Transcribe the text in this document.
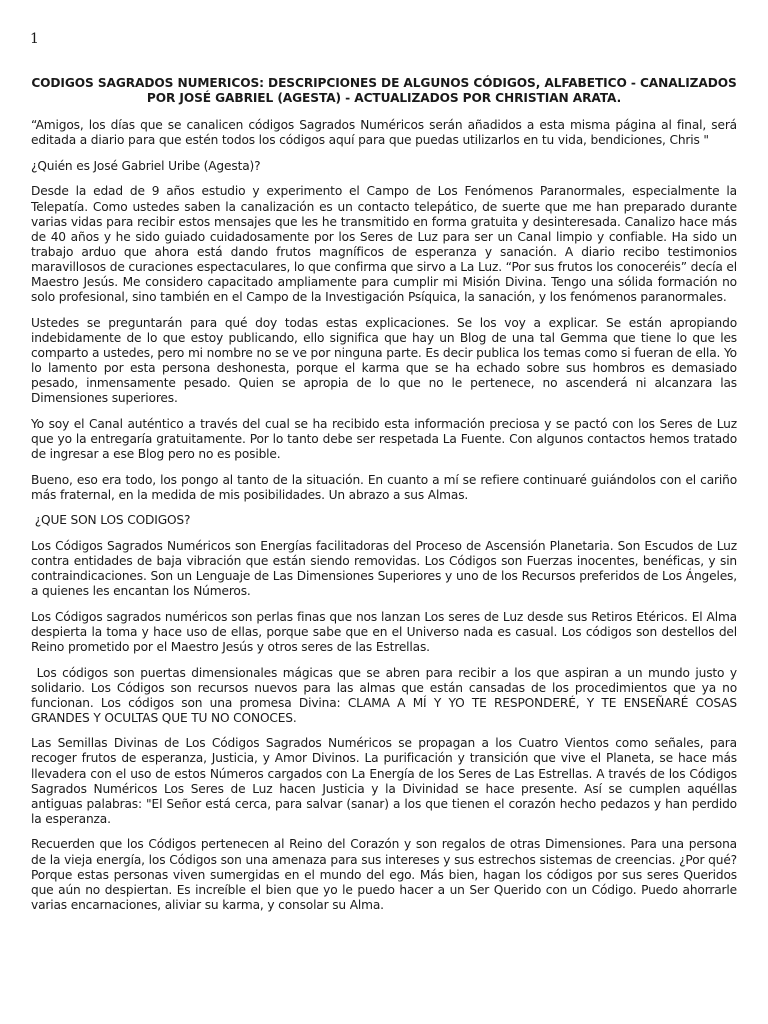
1
CODIGOS SAGRADOS NUMERICOS: DESCRIPCIONES DE ALGUNOS CÓDIGOS, ALFABETICO - CANALIZADOS POR JOSÉ GABRIEL (AGESTA) - ACTUALIZADOS POR CHRISTIAN ARATA.

“Amigos, los días que se canalicen códigos Sagrados Numéricos serán añadidos a esta misma página al final, será editada a diario para que estén todos los códigos aquí para que puedas utilizarlos en tu vida, bendiciones, Chris "

¿Quién es José Gabriel Uribe (Agesta)?

Desde la edad de 9 años estudio y experimento el Campo de Los Fenómenos Paranormales, especialmente la Telepatía. Como ustedes saben la canalización es un contacto telepático, de suerte que me han preparado durante varias vidas para recibir estos mensajes que les he transmitido en forma gratuita y desinteresada. Canalizo hace más de 40 años y he sido guiado cuidadosamente por los Seres de Luz para ser un Canal limpio y confiable. Ha sido un trabajo arduo que ahora está dando frutos magníficos de esperanza y sanación. A diario recibo testimonios maravillosos de curaciones espectaculares, lo que confirma que sirvo a La Luz. “Por sus frutos los conoceréis” decía el Maestro Jesús. Me considero capacitado ampliamente para cumplir mi Misión Divina. Tengo una sólida formación no solo profesional, sino también en el Campo de la Investigación Psíquica, la sanación, y los fenómenos paranormales.

Ustedes se preguntarán para qué doy todas estas explicaciones. Se los voy a explicar. Se están apropiando indebidamente de lo que estoy publicando, ello significa que hay un Blog de una tal Gemma que tiene lo que les comparto a ustedes, pero mi nombre no se ve por ninguna parte. Es decir publica los temas como si fueran de ella. Yo lo lamento por esta persona deshonesta, porque el karma que se ha echado sobre sus hombros es demasiado pesado, inmensamente pesado. Quien se apropia de lo que no le pertenece, no ascenderá ni alcanzara las Dimensiones superiores.

Yo soy el Canal auténtico a través del cual se ha recibido esta información preciosa y se pactó con los Seres de Luz que yo la entregaría gratuitamente. Por lo tanto debe ser respetada La Fuente. Con algunos contactos hemos tratado de ingresar a ese Blog pero no es posible.

Bueno, eso era todo, los pongo al tanto de la situación. En cuanto a mí se refiere continuaré guiándolos con el cariño más fraternal, en la medida de mis posibilidades. Un abrazo a sus Almas.

¿QUE SON LOS CODIGOS?

Los Códigos Sagrados Numéricos son Energías facilitadoras del Proceso de Ascensión Planetaria. Son Escudos de Luz contra entidades de baja vibración que están siendo removidas. Los Códigos son Fuerzas inocentes, benéficas, y sin contraindicaciones. Son un Lenguaje de Las Dimensiones Superiores y uno de los Recursos preferidos de Los Ángeles, a quienes les encantan los Números.

Los Códigos sagrados numéricos son perlas finas que nos lanzan Los seres de Luz desde sus Retiros Etéricos. El Alma despierta la toma y hace uso de ellas, porque sabe que en el Universo nada es casual. Los códigos son destellos del Reino prometido por el Maestro Jesús y otros seres de las Estrellas.

Los códigos son puertas dimensionales mágicas que se abren para recibir a los que aspiran a un mundo justo y solidario. Los Códigos son recursos nuevos para las almas que están cansadas de los procedimientos que ya no funcionan. Los códigos son una promesa Divina: CLAMA A MÍ Y YO TE RESPONDERÉ, Y TE ENSEÑARÉ COSAS GRANDES Y OCULTAS QUE TU NO CONOCES.

Las Semillas Divinas de Los Códigos Sagrados Numéricos se propagan a los Cuatro Vientos como señales, para recoger frutos de esperanza, Justicia, y Amor Divinos. La purificación y transición que vive el Planeta, se hace más llevadera con el uso de estos Números cargados con La Energía de los Seres de Las Estrellas. A través de los Códigos Sagrados Numéricos Los Seres de Luz hacen Justicia y la Divinidad se hace presente. Así se cumplen aquéllas antiguas palabras: "El Señor está cerca, para salvar (sanar) a los que tienen el corazón hecho pedazos y han perdido la esperanza.

Recuerden que los Códigos pertenecen al Reino del Corazón y son regalos de otras Dimensiones. Para una persona de la vieja energía, los Códigos son una amenaza para sus intereses y sus estrechos sistemas de creencias. ¿Por qué? Porque estas personas viven sumergidas en el mundo del ego. Más bien, hagan los códigos por sus seres Queridos que aún no despiertan. Es increíble el bien que yo le puedo hacer a un Ser Querido con un Código. Puedo ahorrarle varias encarnaciones, aliviar su karma, y consolar su Alma.
